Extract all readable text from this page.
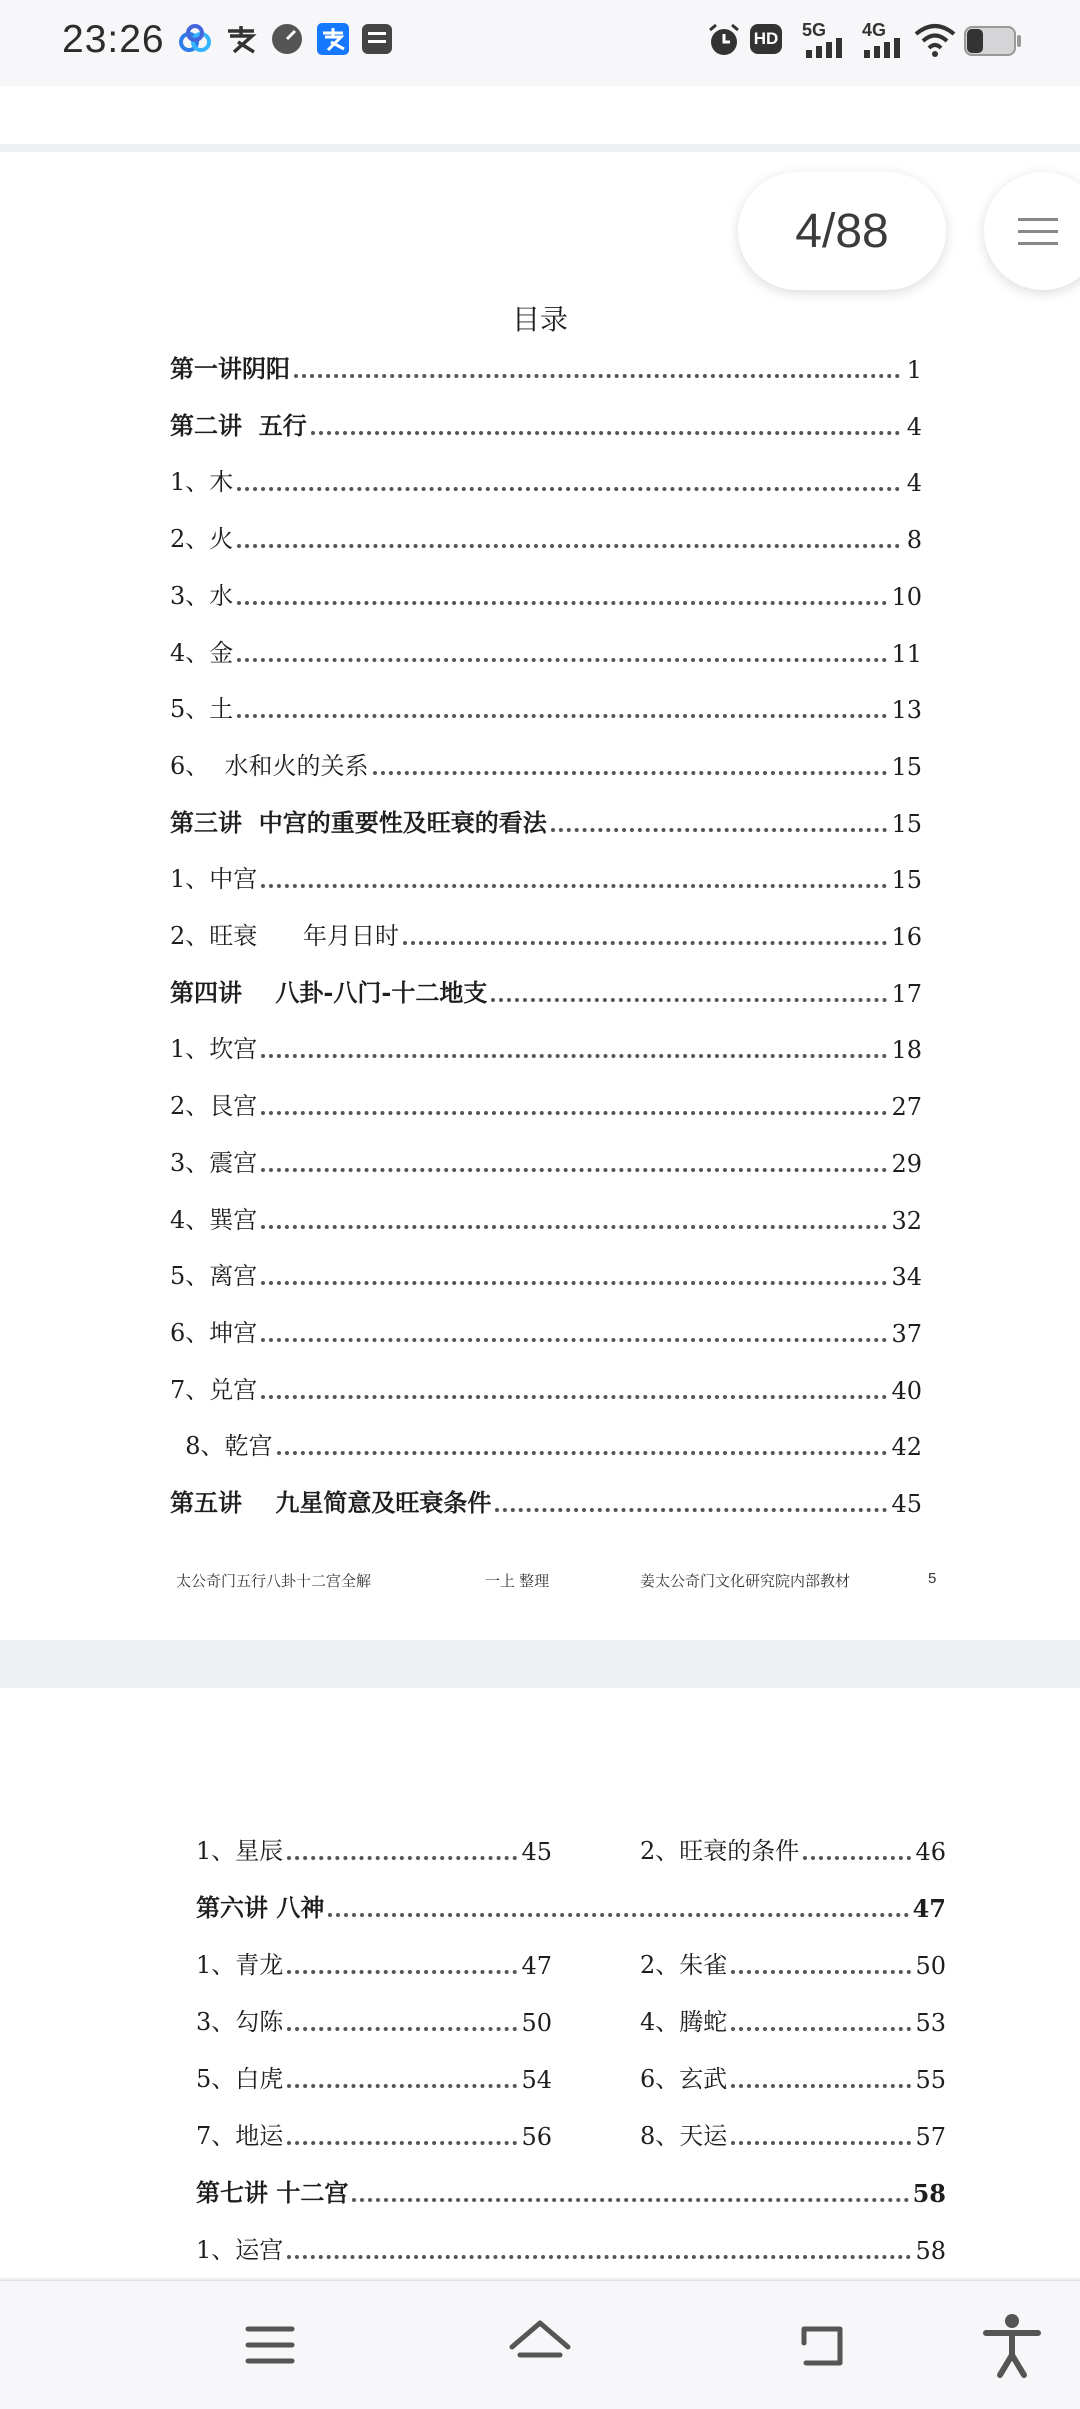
23:26	HD 5G 4G
目录
第一讲阴阳	1
第二讲  五行	4
1、木	4
2、火	8
3、水	10
4、金	11
5、土	13
6、  水和火的关系	15
第三讲  中宫的重要性及旺衰的看法	15
1、中宫	15
2、旺衰      年月日时	16
第四讲    八卦-八门-十二地支	17
1、坎宫	18
2、艮宫	27
3、震宫	29
4、巽宫	32
5、离宫	34
6、坤宫	37
7、兑宫	40
8、乾宫	42
第五讲    九星简意及旺衰条件	45
太公奇门五行八卦十二宫全解	一上 整理	姜太公奇门文化研究院内部教材	5
1、星辰	45	2、旺衰的条件	46
第六讲 八神	47
1、青龙	47	2、朱雀	50
3、勾陈	50	4、腾蛇	53
5、白虎	54	6、玄武	55
7、地运	56	8、天运	57
第七讲 十二宫	58
1、运宫	58
4/88
